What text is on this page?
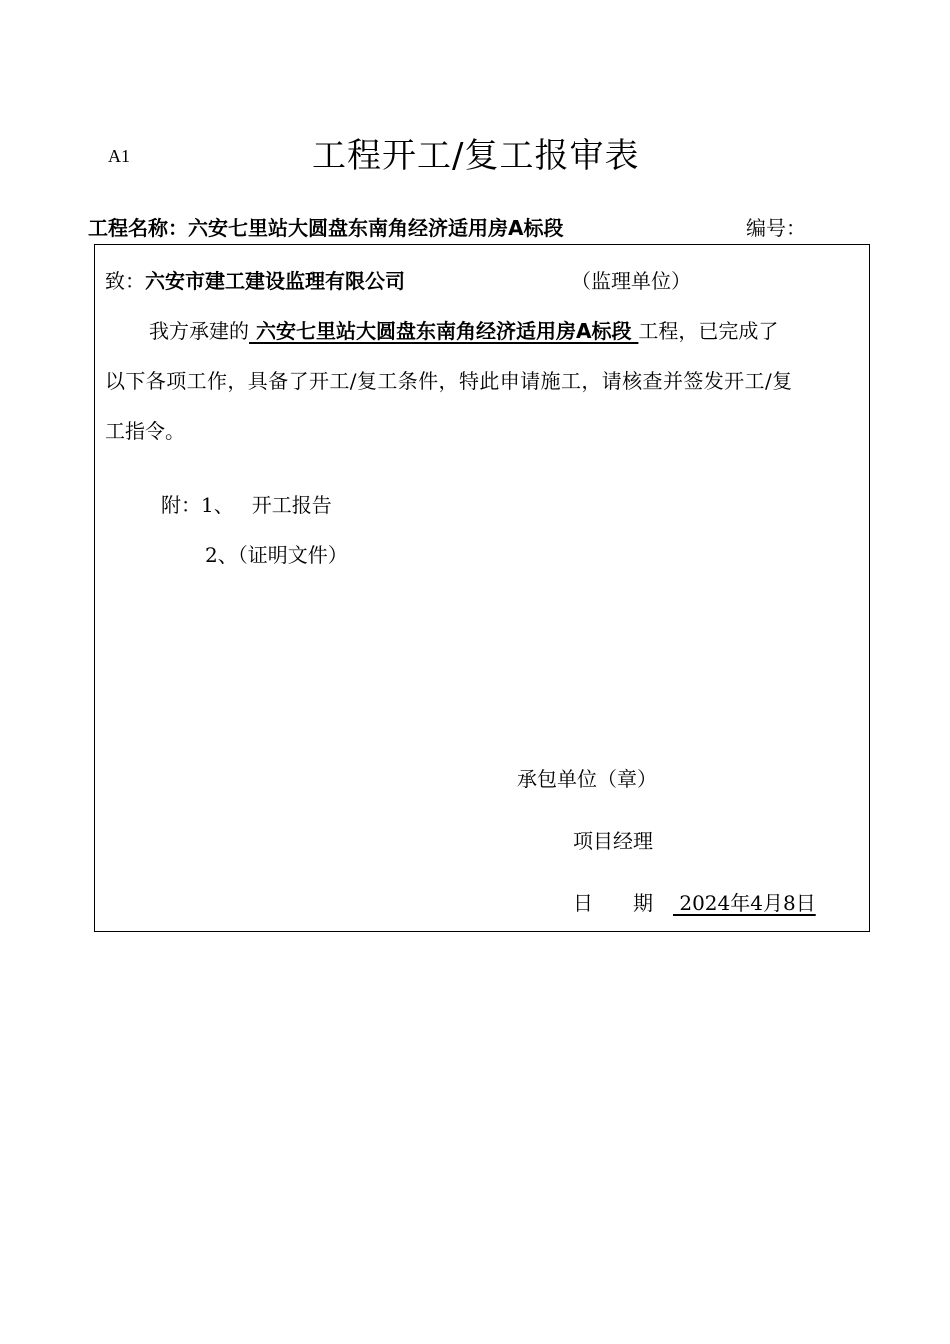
A1	工程开工/复工报审表
工程名称：六安七里站大圆盘东南角经济适用房A标段	编号：
致：六安市建工建设监理有限公司	（监理单位）
我方承建的 六安七里站大圆盘东南角经济适用房A标段 工程，已完成了
以下各项工作，具备了开工/复工条件，特此申请施工，请核查并签发开工/复
工指令。
附：1、 开工报告
2、（证明文件）
承包单位（章）
项目经理
日　　期 2024年4月8日
